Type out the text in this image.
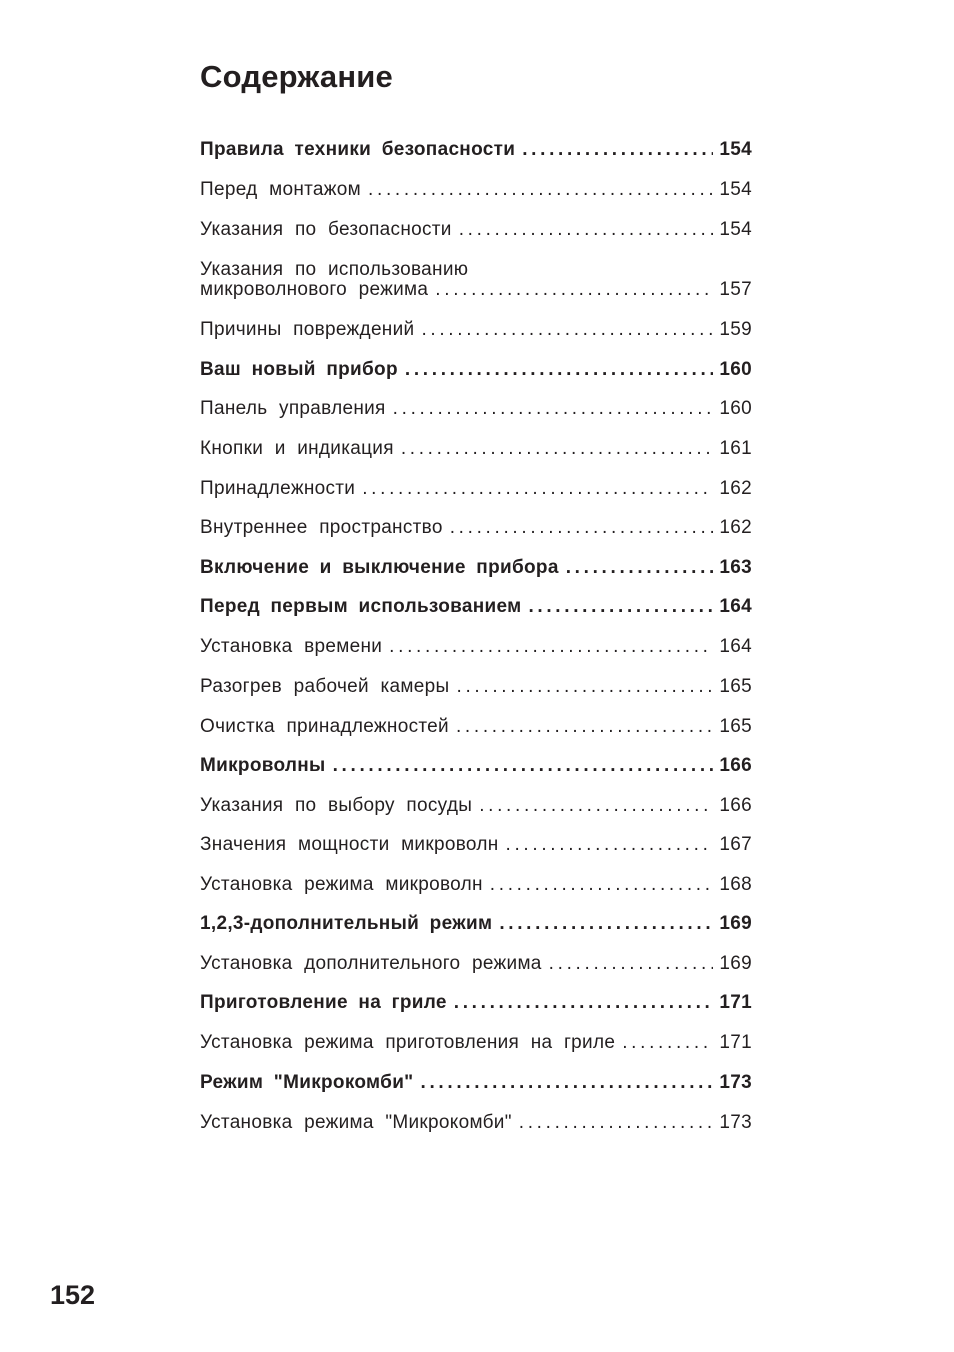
Содержание
Правила техники безопасности . . .	154
Перед монтажом . . .	154
Указания по безопасности . . .	154
Указания по использованию
микроволнового режима . . .	157
Причины повреждений . . .	159
Ваш новый прибор . . .	160
Панель управления . . .	160
Кнопки и индикация . . .	161
Принадлежности . . .	162
Внутреннее пространство . . .	162
Включение и выключение прибора . . .	163
Перед первым использованием . . .	164
Установка времени . . .	164
Разогрев рабочей камеры . . .	165
Очистка принадлежностей . . .	165
Микроволны . . .	166
Указания по выбору посуды . . .	166
Значения мощности микроволн . . .	167
Установка режима микроволн . . .	168
1,2,3-дополнительный режим . . .	169
Установка дополнительного режима . . .	169
Приготовление на гриле . . .	171
Установка режима приготовления на гриле . . .	171
Режим "Микрокомби" . . .	173
Установка режима "Микрокомби" . . .	173
152
